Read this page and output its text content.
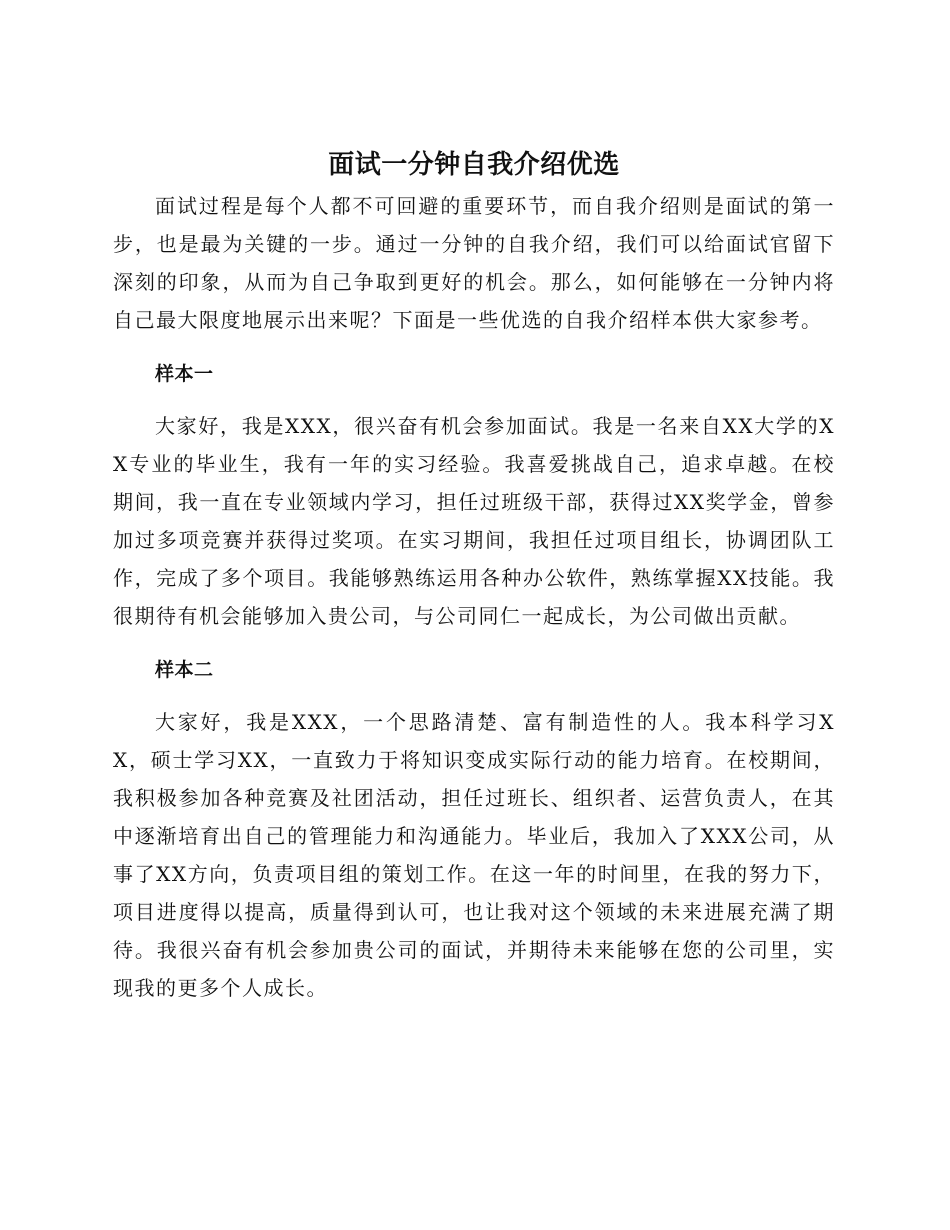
面试一分钟自我介绍优选

面试过程是每个人都不可回避的重要环节，而自我介绍则是面试的第一步，也是最为关键的一步。通过一分钟的自我介绍，我们可以给面试官留下深刻的印象，从而为自己争取到更好的机会。那么，如何能够在一分钟内将自己最大限度地展示出来呢？下面是一些优选的自我介绍样本供大家参考。

样本一

大家好，我是XXX，很兴奋有机会参加面试。我是一名来自XX大学的XX专业的毕业生，我有一年的实习经验。我喜爱挑战自己，追求卓越。在校期间，我一直在专业领域内学习，担任过班级干部，获得过XX奖学金，曾参加过多项竞赛并获得过奖项。在实习期间，我担任过项目组长，协调团队工作，完成了多个项目。我能够熟练运用各种办公软件，熟练掌握XX技能。我很期待有机会能够加入贵公司，与公司同仁一起成长，为公司做出贡献。

样本二

大家好，我是XXX，一个思路清楚、富有制造性的人。我本科学习XX，硕士学习XX，一直致力于将知识变成实际行动的能力培育。在校期间，我积极参加各种竞赛及社团活动，担任过班长、组织者、运营负责人，在其中逐渐培育出自己的管理能力和沟通能力。毕业后，我加入了XXX公司，从事了XX方向，负责项目组的策划工作。在这一年的时间里，在我的努力下，项目进度得以提高，质量得到认可，也让我对这个领域的未来进展充满了期待。我很兴奋有机会参加贵公司的面试，并期待未来能够在您的公司里，实现我的更多个人成长。
